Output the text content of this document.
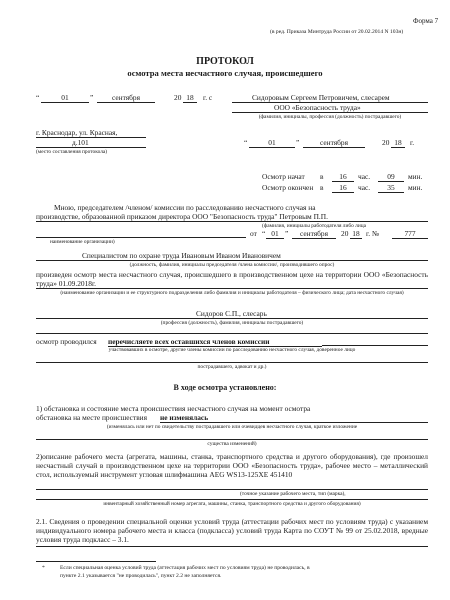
Форма 7
(в ред. Приказа Минтруда России от 20.02.2014 N 103н)
ПРОТОКОЛ
осмотра места несчастного случая, происшедшего
“	01	”	сентября	20 18	г. с	Сидоровым Сергеем Петровичем, слесарем
ООО «Безопасность труда»
(фамилия, инициалы, профессия (должность) пострадавшего)
г. Краснодар, ул. Красная,
д.101
(место составления протокола)
“	01	”	сентября	20 18	г.
Осмотр начат в	16	час.	09	мин.
Осмотр окончен в	16	час.	35	мин.
Мною, председателем /членом/ комиссии по расследованию несчастного случая на
производстве, образованной приказом директора ООО "Безопасность труда" Петровым П.П.
(фамилия, инициалы работодателя либо лица
от “ 01 ”	сентября	20 18 г. №	777
наименование организации)
Специалистом по охране труда Ивановым Иваном Ивановичем
(должность, фамилия, инициалы председателя /члена комиссии/, производившего опрос)
произведен осмотр места несчастного случая, происшедшего в производственном цехе на территории ООО «Безопасность труда» 01.09.2018г.
(наименование организации и ее структурного подразделения либо фамилия и инициалы работодателя – физического лица; дата несчастного случая)
Сидоров С.П., слесарь
(профессия (должность), фамилия, инициалы пострадавшего)
осмотр проводился перечисляете всех оставшихся членов комиссии
участвовавших в осмотре, другие члены комиссии по расследованию несчастного случая, доверенное лицо
пострадавшего, адвокат и др.)
В ходе осмотра установлено:
1) обстановка и состояние места происшествия несчастного случая на момент осмотра
обстановка на месте происшествия не изменялась
(изменялась или нет по свидетельству пострадавшего или очевидцев несчастного случая, краткое изложение
существа изменений)
2)описание рабочего места (агрегата, машины, станка, транспортного средства и другого оборудования), где произошел несчастный случай в производственном цехе на территории ООО «Безопасность труда», рабочее место – металлический стол, используемый инструмент угловая шлифмашина AEG WS13-125XE 451410
(точное указание рабочего места, тип (марка),
инвентарный хозяйственный номер агрегата, машины, станка, транспортного средства и другого оборудования)
2.1. Сведения о проведении специальной оценки условий труда (аттестации рабочих мест по условиям труда) с указанием индивидуального номера рабочего места и класса (подкласса) условий труда Карта по СОУТ № 99 от 25.02.2018, вредные условия труда подкласс – 3.1.
*	Если специальная оценка условий труда (аттестация рабочих мест по условиям труда) не проводилась, в
пункте 2.1 указывается "не проводилась", пункт 2.2 не заполняется.
